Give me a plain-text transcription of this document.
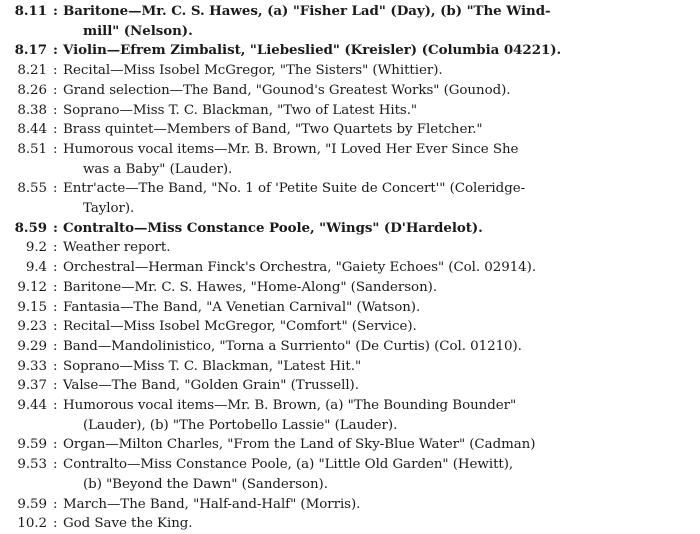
8.11 : Baritone—Mr. C. S. Hawes, (a) "Fisher Lad" (Day), (b) "The Wind-
mill" (Nelson).
8.17 : Violin—Efrem Zimbalist, "Liebeslied" (Kreisler) (Columbia 04221).
8.21 : Recital—Miss Isobel McGregor, "The Sisters" (Whittier).
8.26 : Grand selection—The Band, "Gounod's Greatest Works" (Gounod).
8.38 : Soprano—Miss T. C. Blackman, "Two of Latest Hits."
8.44 : Brass quintet—Members of Band, "Two Quartets by Fletcher."
8.51 : Humorous vocal items—Mr. B. Brown, "I Loved Her Ever Since She
was a Baby" (Lauder).
8.55 : Entr'acte—The Band, "No. 1 of 'Petite Suite de Concert'" (Coleridge-
Taylor).
8.59 : Contralto—Miss Constance Poole, "Wings" (D'Hardelot).
9.2 : Weather report.
9.4 : Orchestral—Herman Finck's Orchestra, "Gaiety Echoes" (Col. 02914).
9.12 : Baritone—Mr. C. S. Hawes, "Home-Along" (Sanderson).
9.15 : Fantasia—The Band, "A Venetian Carnival" (Watson).
9.23 : Recital—Miss Isobel McGregor, "Comfort" (Service).
9.29 : Band—Mandolinistico, "Torna a Surriento" (De Curtis) (Col. 01210).
9.33 : Soprano—Miss T. C. Blackman, "Latest Hit."
9.37 : Valse—The Band, "Golden Grain" (Trussell).
9.44 : Humorous vocal items—Mr. B. Brown, (a) "The Bounding Bounder"
(Lauder), (b) "The Portobello Lassie" (Lauder).
9.59 : Organ—Milton Charles, "From the Land of Sky-Blue Water" (Cadman)
9.53 : Contralto—Miss Constance Poole, (a) "Little Old Garden" (Hewitt),
(b) "Beyond the Dawn" (Sanderson).
9.59 : March—The Band, "Half-and-Half" (Morris).
10.2 : God Save the King.
